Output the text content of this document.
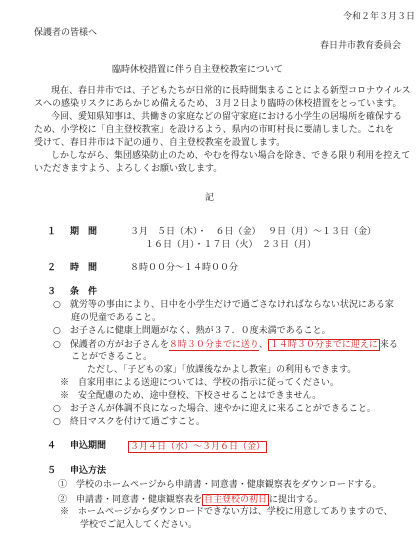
令和２年３月３日
保護者の皆様へ
春日井市教育委員会
臨時休校措置に伴う自主登校教室について
　現在、春日井市では、子どもたちが日常的に長時間集まることによる新型コロナウイルス
スへの感染リスクにあらかじめ備えるため、３月２日より臨時の休校措置をとっています。
　今回、愛知県知事は、共働きの家庭などの留守家庭における小学生の居場所を確保する
ため、小学校に「自主登校教室」を設けるよう、県内の市町村長に要請しました。これを
受けて、春日井市は下記の通り、自主登校教室を設置します。
　しかしながら、集団感染防止のため、やむを得ない場合を除き、できる限り利用を控えて
いただきますよう、よろしくお願い致します。
記
１ 期　間	３月　５日（木）・　６日（金） ９日（月）～１３日（金）
１６日（月）・１７日（火）　２３日（月）
２ 時　間	８時００分～１４時００分
３ 条　件
○　就労等の事由により、日中を小学生だけで過ごさなければならない状況にある家
庭の児童であること。
○　お子さんに健康上問題がなく、熱が３７．０度未満であること。
○　保護者の方がお子さんを８時３０分までに送り、 １４時３０分までに迎えに 来る
ことができること。
ただし、「子どもの家」「放課後なかよし教室」の利用もできます。
※　自家用車による送迎については、学校の指示に従ってください。
※　安全配慮のため、途中登校、下校させることはできません。
○　お子さんが体調不良になった場合、速やかに迎えに来ることができること。
○　終日マスクを付けて過ごすこと。
４ 申込期間	３月４日（水）～３月６日（金）
５ 申込方法
①　学校のホームページから申請書・同意書・健康観察表をダウンロードする。
②　申請書・同意書・健康観察表を 自主登校の初日 に提出する。
※　ホームページからダウンロードできない方は、学校に用意してありますので、
学校でご記入してください。
